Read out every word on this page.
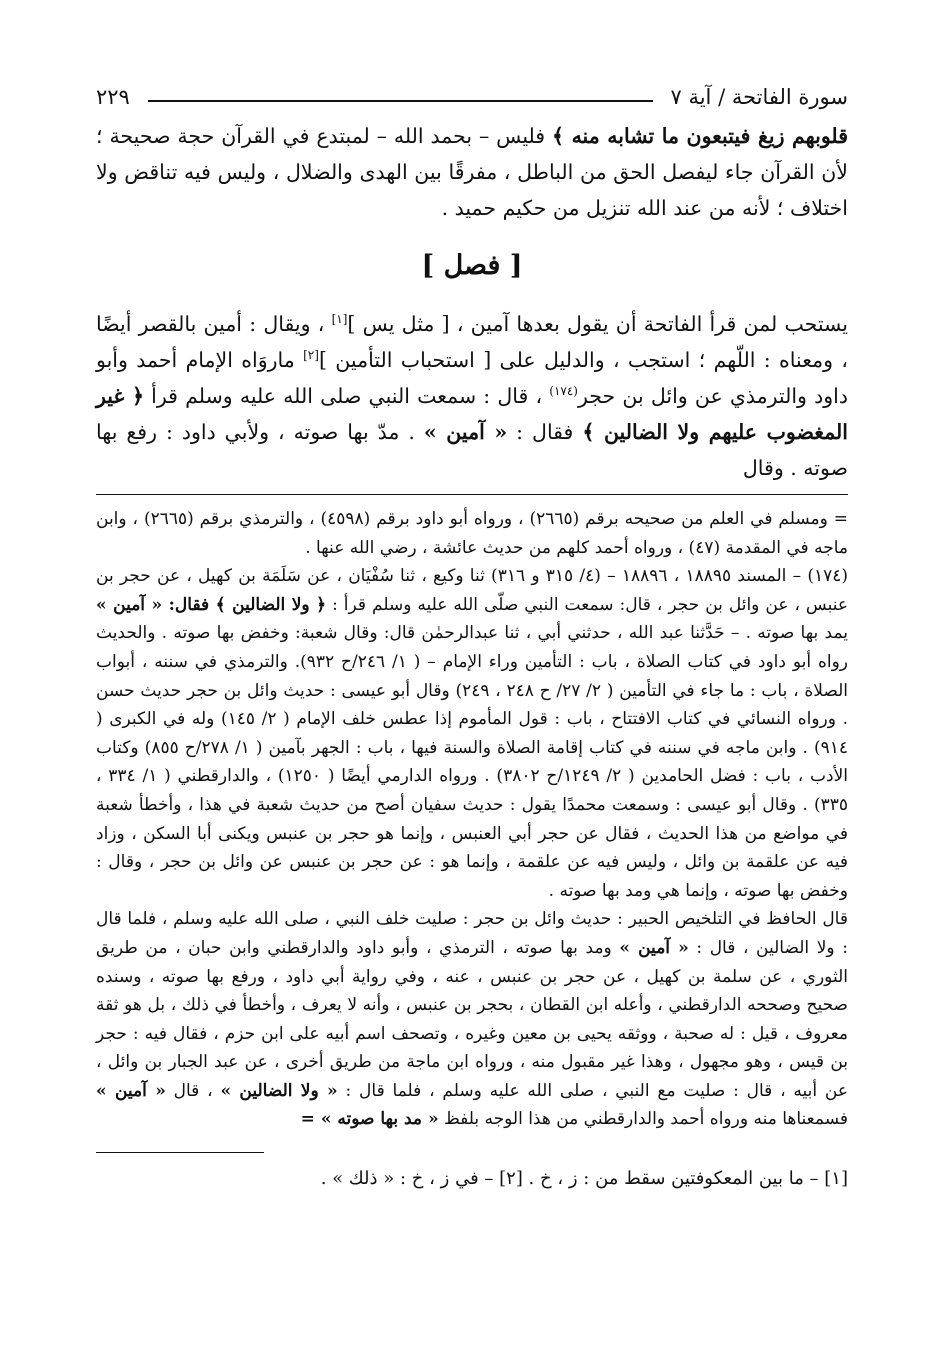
سورة الفاتحة / آية ٧
٢٢٩

قلوبهم زيغ فيتبعون ما تشابه منه ﴾ فليس – بحمد الله – لمبتدع في القرآن حجة صحيحة ؛ لأن القرآن جاء ليفصل الحق من الباطل ، مفرقًا بين الهدى والضلال ، وليس فيه تناقض ولا اختلاف ؛ لأنه من عند الله تنزيل من حكيم حميد .

[ فصل ]

يستحب لمن قرأ الفاتحة أن يقول بعدها آمين ، [ مثل يس ][١] ، ويقال : أمين بالقصر أيضًا ، ومعناه : اللّهم ؛ استجب ، والدليل على [ استحباب التأمين ][٢] ماروَاه الإمام أحمد وأبو داود والترمذي عن وائل بن حجر$^{(١٧٤)}$ ، قال : سمعت النبي صلى الله عليه وسلم قرأ ﴿ غير المغضوب عليهم ولا الضالين ﴾ فقال : « آمين » . مدّ بها صوته ، ولأبي داود : رفع بها صوته . وقال

= ومسلم في العلم من صحيحه برقم (٢٦٦٥) ، ورواه أبو داود برقم (٤٥٩٨) ، والترمذي برقم (٢٦٦٥) ، وابن ماجه في المقدمة (٤٧) ، ورواه أحمد كلهم من حديث عائشة ، رضي الله عنها .

(١٧٤) – المسند ١٨٨٩٥ ، ١٨٨٩٦ – (٤/ ٣١٥ و ٣١٦) ثنا وكيع ، ثنا سُفْيَان ، عن سَلَمَة بن كهيل ، عن حجر بن عنبس ، عن وائل بن حجر ، قال: سمعت النبي صلّى الله عليه وسلم قرأ : ﴿ ولا الضالين ﴾ فقال: « آمين » يمد بها صوته . – حَدَّثنا عبد الله ، حدثني أبي ، ثنا عبدالرحمٰن قال: وقال شعبة: وخفض بها صوته . والحديث رواه أبو داود في كتاب الصلاة ، باب : التأمين وراء الإمام – ( ١/ ٢٤٦/ح ٩٣٢). والترمذي في سننه ، أبواب الصلاة ، باب : ما جاء في التأمين ( ٢/ ٢٧/ ح ٢٤٨ ، ٢٤٩) وقال أبو عيسى : حديث وائل بن حجر حديث حسن . ورواه النسائي في كتاب الافتتاح ، باب : قول المأموم إذا عطس خلف الإمام ( ٢/ ١٤٥) وله في الكبرى ( ٩١٤) . وابن ماجه في سننه في كتاب إقامة الصلاة والسنة فيها ، باب : الجهر بآمين ( ١/ ٢٧٨/ح ٨٥٥) وكتاب الأدب ، باب : فضل الحامدين ( ٢/ ١٢٤٩/ح ٣٨٠٢) . ورواه الدارمي أيضًا ( ١٢٥٠) ، والدارقطني ( ١/ ٣٣٤ ، ٣٣٥) . وقال أبو عيسى : وسمعت محمدًا يقول : حديث سفيان أصح من حديث شعبة في هذا ، وأخطأ شعبة في مواضع من هذا الحديث ، فقال عن حجر أبي العنبس ، وإنما هو حجر بن عنبس ويكنى أبا السكن ، وزاد فيه عن علقمة بن وائل ، وليس فيه عن علقمة ، وإنما هو : عن حجر بن عنبس عن وائل بن حجر ، وقال : وخفض بها صوته ، وإنما هي ومد بها صوته .

قال الحافظ في التلخيص الحبير : حديث وائل بن حجر : صليت خلف النبي ، صلى الله عليه وسلم ، فلما قال : ولا الضالين ، قال : « آمين » ومد بها صوته ، الترمذي ، وأبو داود والدارقطني وابن حبان ، من طريق الثوري ، عن سلمة بن كهيل ، عن حجر بن عنبس ، عنه ، وفي رواية أبي داود ، ورفع بها صوته ، وسنده صحيح وصححه الدارقطني ، وأعله ابن القطان ، بحجر بن عنبس ، وأنه لا يعرف ، وأخطأ في ذلك ، بل هو ثقة معروف ، قيل : له صحبة ، ووثقه يحيى بن معين وغيره ، وتصحف اسم أبيه على ابن حزم ، فقال فيه : حجر بن قيس ، وهو مجهول ، وهذا غير مقبول منه ، ورواه ابن ماجة من طريق أخرى ، عن عبد الجبار بن وائل ، عن أبيه ، قال : صليت مع النبي ، صلى الله عليه وسلم ، فلما قال : « ولا الضالين » ، قال « آمين » فسمعناها منه ورواه أحمد والدارقطني من هذا الوجه بلفظ « مد بها صوته » =

[١] – ما بين المعكوفتين سقط من : ز ، خ . [٢] – في ز ، خ : « ذلك » .
